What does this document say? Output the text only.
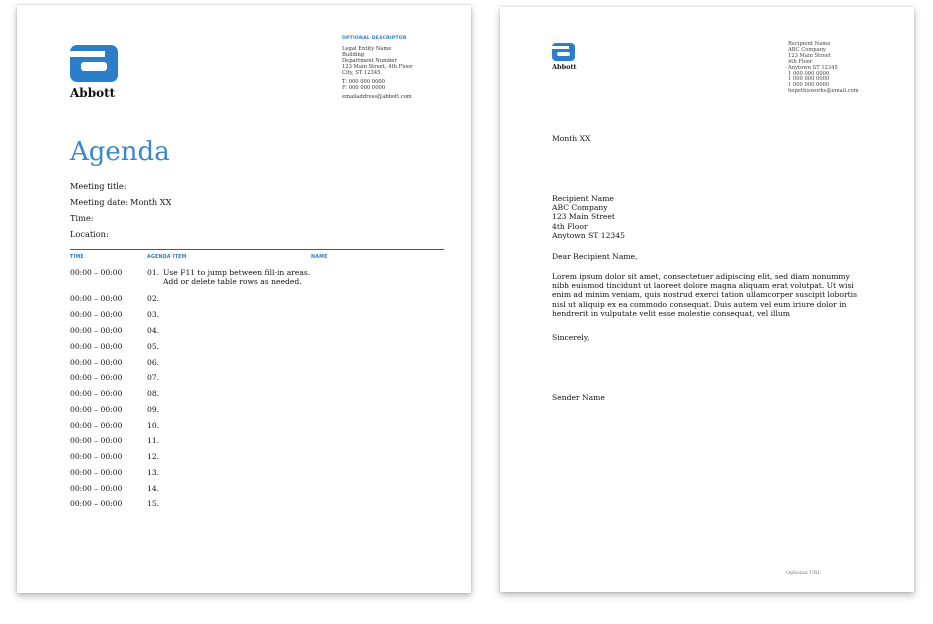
Abbott
OPTIONAL DESCRIPTOR
Legal Entity Name
Building
Department Number
123 Main Street, 4th Floor
City, ST 12345
T: 000 000 0000
F: 000 000 0000
emailaddress@abbott.com
Agenda
Meeting title:
Meeting date: Month XX
Time:
Location:
TIME	AGENDA ITEM	NAME
00:00 – 00:00	01. Use F11 to jump between fill-in areas.
Add or delete table rows as needed.
00:00 – 00:00	02.
00:00 – 00:00	03.
00:00 – 00:00	04.
00:00 – 00:00	05.
00:00 – 00:00	06.
00:00 – 00:00	07.
00:00 – 00:00	08.
00:00 – 00:00	09.
00:00 – 00:00	10.
00:00 – 00:00	11.
00:00 – 00:00	12.
00:00 – 00:00	13.
00:00 – 00:00	14.
00:00 – 00:00	15.
Abbott
Recipient Name
ABC Company
123 Main Street
4th Floor
Anytown ST 12345
1 000 000 0000
1 000 000 0000
1 000 000 0000
hopethisworks@email.com
Month XX
Recipient Name
ABC Company
123 Main Street
4th Floor
Anytown ST 12345
Dear Recipient Name,
Lorem ipsum dolor sit amet, consectetuer adipiscing elit, sed diam nonummy nibh euismod tincidunt ut laoreet dolore magna aliquam erat volutpat. Ut wisi enim ad minim veniam, quis nostrud exerci tation ullamcorper suscipit lobortis nisl ut aliquip ex ea commodo consequat. Duis autem vel eum iriure dolor in hendrerit in vulputate velit esse molestie consequat, vel illum
Sincerely,
Sender Name
Optional URL
